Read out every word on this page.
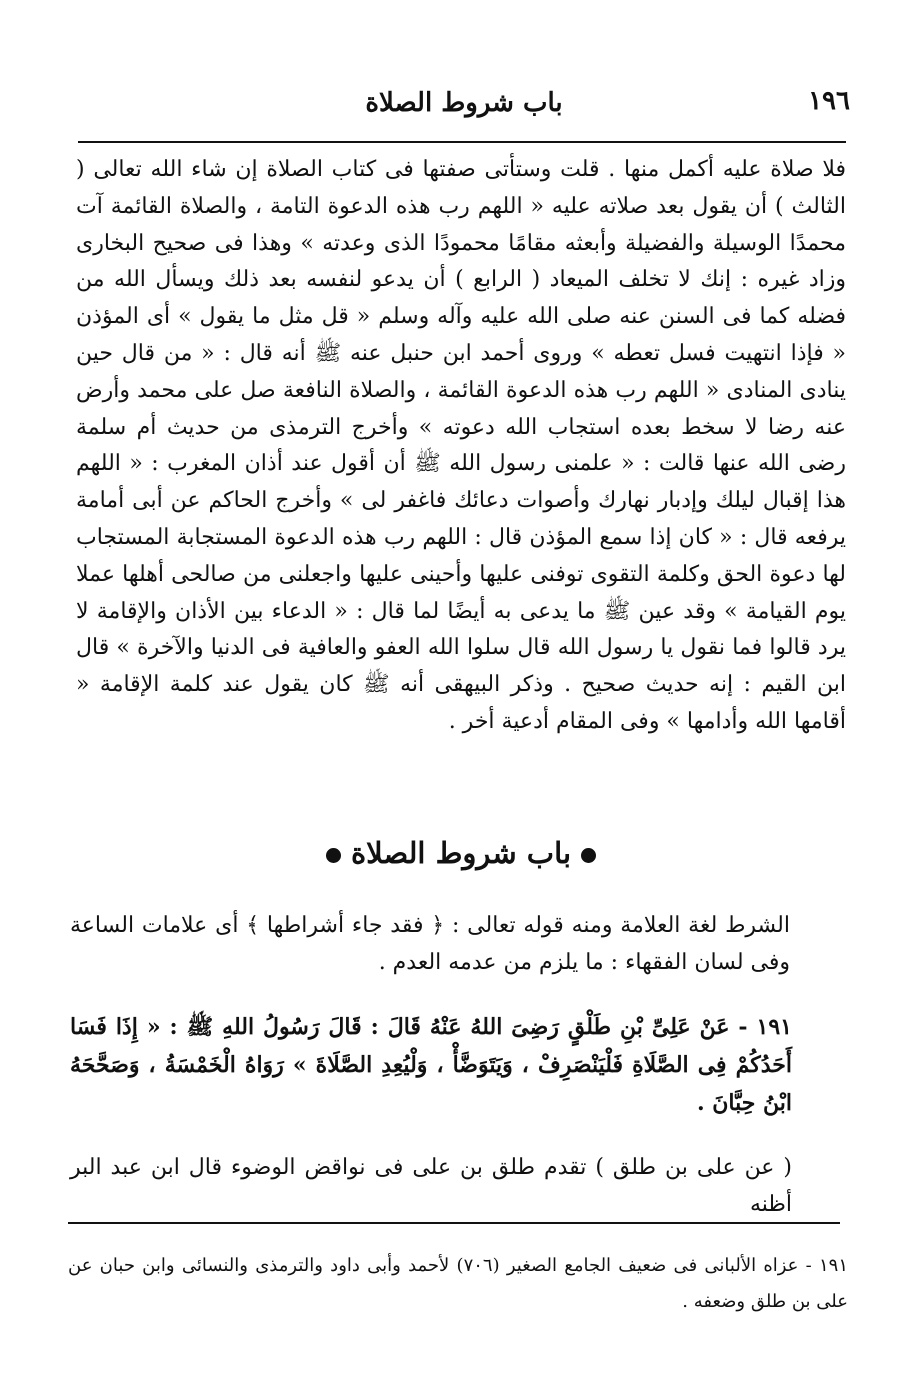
١٩٦
باب شروط الصلاة

فلا صلاة عليه أكمل منها . قلت وستأتى صفتها فى كتاب الصلاة إن شاء الله تعالى ( الثالث ) أن يقول بعد صلاته عليه « اللهم رب هذه الدعوة التامة ، والصلاة القائمة آت محمدًا الوسيلة والفضيلة وأبعثه مقامًا محمودًا الذى وعدته » وهذا فى صحيح البخارى وزاد غيره : إنك لا تخلف الميعاد ( الرابع ) أن يدعو لنفسه بعد ذلك ويسأل الله من فضله كما فى السنن عنه صلى الله عليه وآله وسلم « قل مثل ما يقول » أى المؤذن « فإذا انتهيت فسل تعطه » وروى أحمد ابن حنبل عنه ﷺ أنه قال : « من قال حين ينادى المنادى « اللهم رب هذه الدعوة القائمة ، والصلاة النافعة صل على محمد وأرض عنه رضا لا سخط بعده استجاب الله دعوته » وأخرج الترمذى من حديث أم سلمة رضى الله عنها قالت : « علمنى رسول الله ﷺ أن أقول عند أذان المغرب : « اللهم هذا إقبال ليلك وإدبار نهارك وأصوات دعائك فاغفر لى » وأخرج الحاكم عن أبى أمامة يرفعه قال : « كان إذا سمع المؤذن قال : اللهم رب هذه الدعوة المستجابة المستجاب لها دعوة الحق وكلمة التقوى توفنى عليها وأحينى عليها واجعلنى من صالحى أهلها عملا يوم القيامة » وقد عين ﷺ ما يدعى به أيضًا لما قال : « الدعاء بين الأذان والإقامة لا يرد قالوا فما نقول يا رسول الله قال سلوا الله العفو والعافية فى الدنيا والآخرة » قال ابن القيم : إنه حديث صحيح . وذكر البيهقى أنه ﷺ كان يقول عند كلمة الإقامة « أقامها الله وأدامها » وفى المقام أدعية أخر .

باب شروط الصلاة

الشرط لغة العلامة ومنه قوله تعالى : ﴿ فقد جاء أشراطها ﴾ أى علامات الساعة وفى لسان الفقهاء : ما يلزم من عدمه العدم .

١٩١ - عَنْ عَلِىِّ بْنِ طَلْقٍ رَضِىَ اللهُ عَنْهُ قَالَ : قَالَ رَسُولُ اللهِ ﷺ : « إِذَا فَسَا أَحَدُكُمْ فِى الصَّلَاةِ فَلْيَنْصَرِفْ ، وَيَتَوَضَّأْ ، وَلْيُعِدِ الصَّلَاةَ » رَوَاهُ الْخَمْسَةُ ، وَصَحَّحَهُ ابْنُ حِبَّانَ .

( عن على بن طلق ) تقدم طلق بن على فى نواقض الوضوء قال ابن عبد البر أظنه

١٩١ - عزاه الألبانى فى ضعيف الجامع الصغير (٧٠٦) لأحمد وأبى داود والترمذى والنسائى وابن حبان عن على بن طلق وضعفه .
